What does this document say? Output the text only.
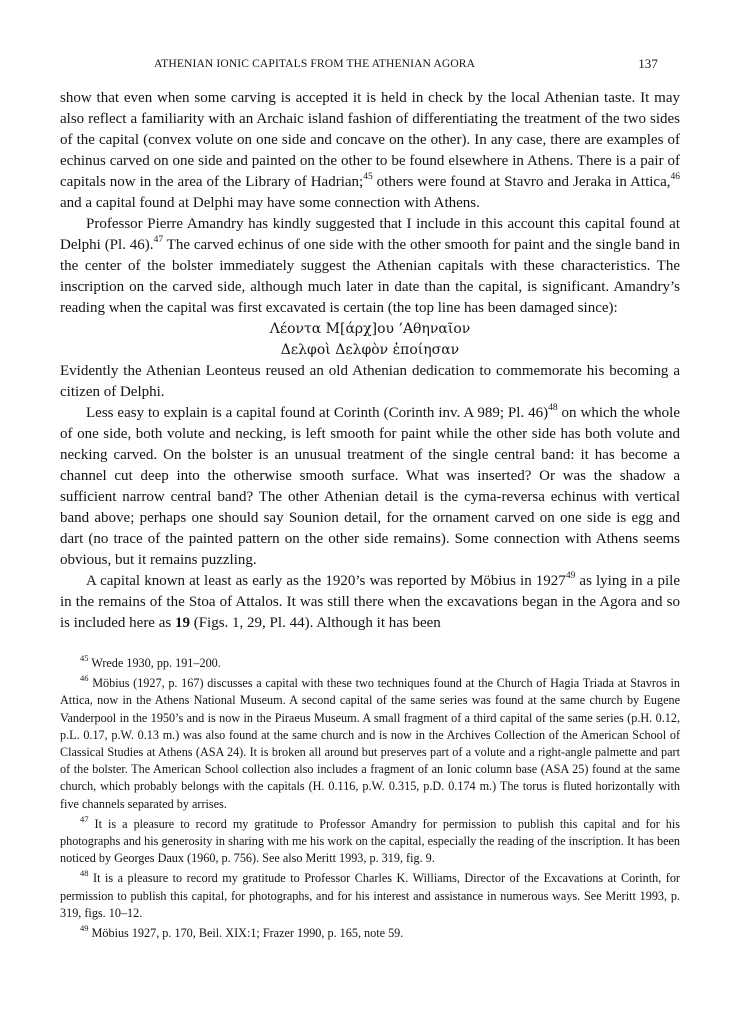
ATHENIAN IONIC CAPITALS FROM THE ATHENIAN AGORA	137

show that even when some carving is accepted it is held in check by the local Athenian taste. It may also reflect a familiarity with an Archaic island fashion of differentiating the treatment of the two sides of the capital (convex volute on one side and concave on the other). In any case, there are examples of echinus carved on one side and painted on the other to be found elsewhere in Athens. There is a pair of capitals now in the area of the Library of Hadrian;$^{45}$ others were found at Stavro and Jeraka in Attica,$^{46}$ and a capital found at Delphi may have some connection with Athens.

Professor Pierre Amandry has kindly suggested that I include in this account this capital found at Delphi (Pl. 46).$^{47}$ The carved echinus of one side with the other smooth for paint and the single band in the center of the bolster immediately suggest the Athenian capitals with these characteristics. The inscription on the carved side, although much later in date than the capital, is significant. Amandry’s reading when the capital was first excavated is certain (the top line has been damaged since):

Λέοντα Μ[άρχ]ου ’Αθηναῖον

Δελφοὶ Δελφὸν ἐποίησαν

Evidently the Athenian Leonteus reused an old Athenian dedication to commemorate his becoming a citizen of Delphi.

Less easy to explain is a capital found at Corinth (Corinth inv. A 989; Pl. 46)$^{48}$ on which the whole of one side, both volute and necking, is left smooth for paint while the other side has both volute and necking carved. On the bolster is an unusual treatment of the single central band: it has become a channel cut deep into the otherwise smooth surface. What was inserted? Or was the shadow a sufficient narrow central band? The other Athenian detail is the cyma-reversa echinus with vertical band above; perhaps one should say Sounion detail, for the ornament carved on one side is egg and dart (no trace of the painted pattern on the other side remains). Some connection with Athens seems obvious, but it remains puzzling.

A capital known at least as early as the 1920’s was reported by Möbius in 1927$^{49}$ as lying in a pile in the remains of the Stoa of Attalos. It was still there when the excavations began in the Agora and so is included here as 19 (Figs. 1, 29, Pl. 44). Although it has been

$^{45}$ Wrede 1930, pp. 191–200.

$^{46}$ Möbius (1927, p. 167) discusses a capital with these two techniques found at the Church of Hagia Triada at Stavros in Attica, now in the Athens National Museum. A second capital of the same series was found at the same church by Eugene Vanderpool in the 1950’s and is now in the Piraeus Museum. A small fragment of a third capital of the same series (p.H. 0.12, p.L. 0.17, p.W. 0.13 m.) was also found at the same church and is now in the Archives Collection of the American School of Classical Studies at Athens (ASA 24). It is broken all around but preserves part of a volute and a right-angle palmette and part of the bolster. The American School collection also includes a fragment of an Ionic column base (ASA 25) found at the same church, which probably belongs with the capitals (H. 0.116, p.W. 0.315, p.D. 0.174 m.) The torus is fluted horizontally with five channels separated by arrises.

$^{47}$ It is a pleasure to record my gratitude to Professor Amandry for permission to publish this capital and for his photographs and his generosity in sharing with me his work on the capital, especially the reading of the inscription. It has been noticed by Georges Daux (1960, p. 756). See also Meritt 1993, p. 319, fig. 9.

$^{48}$ It is a pleasure to record my gratitude to Professor Charles K. Williams, Director of the Excavations at Corinth, for permission to publish this capital, for photographs, and for his interest and assistance in numerous ways. See Meritt 1993, p. 319, figs. 10–12.

$^{49}$ Möbius 1927, p. 170, Beil. XIX:1; Frazer 1990, p. 165, note 59.
